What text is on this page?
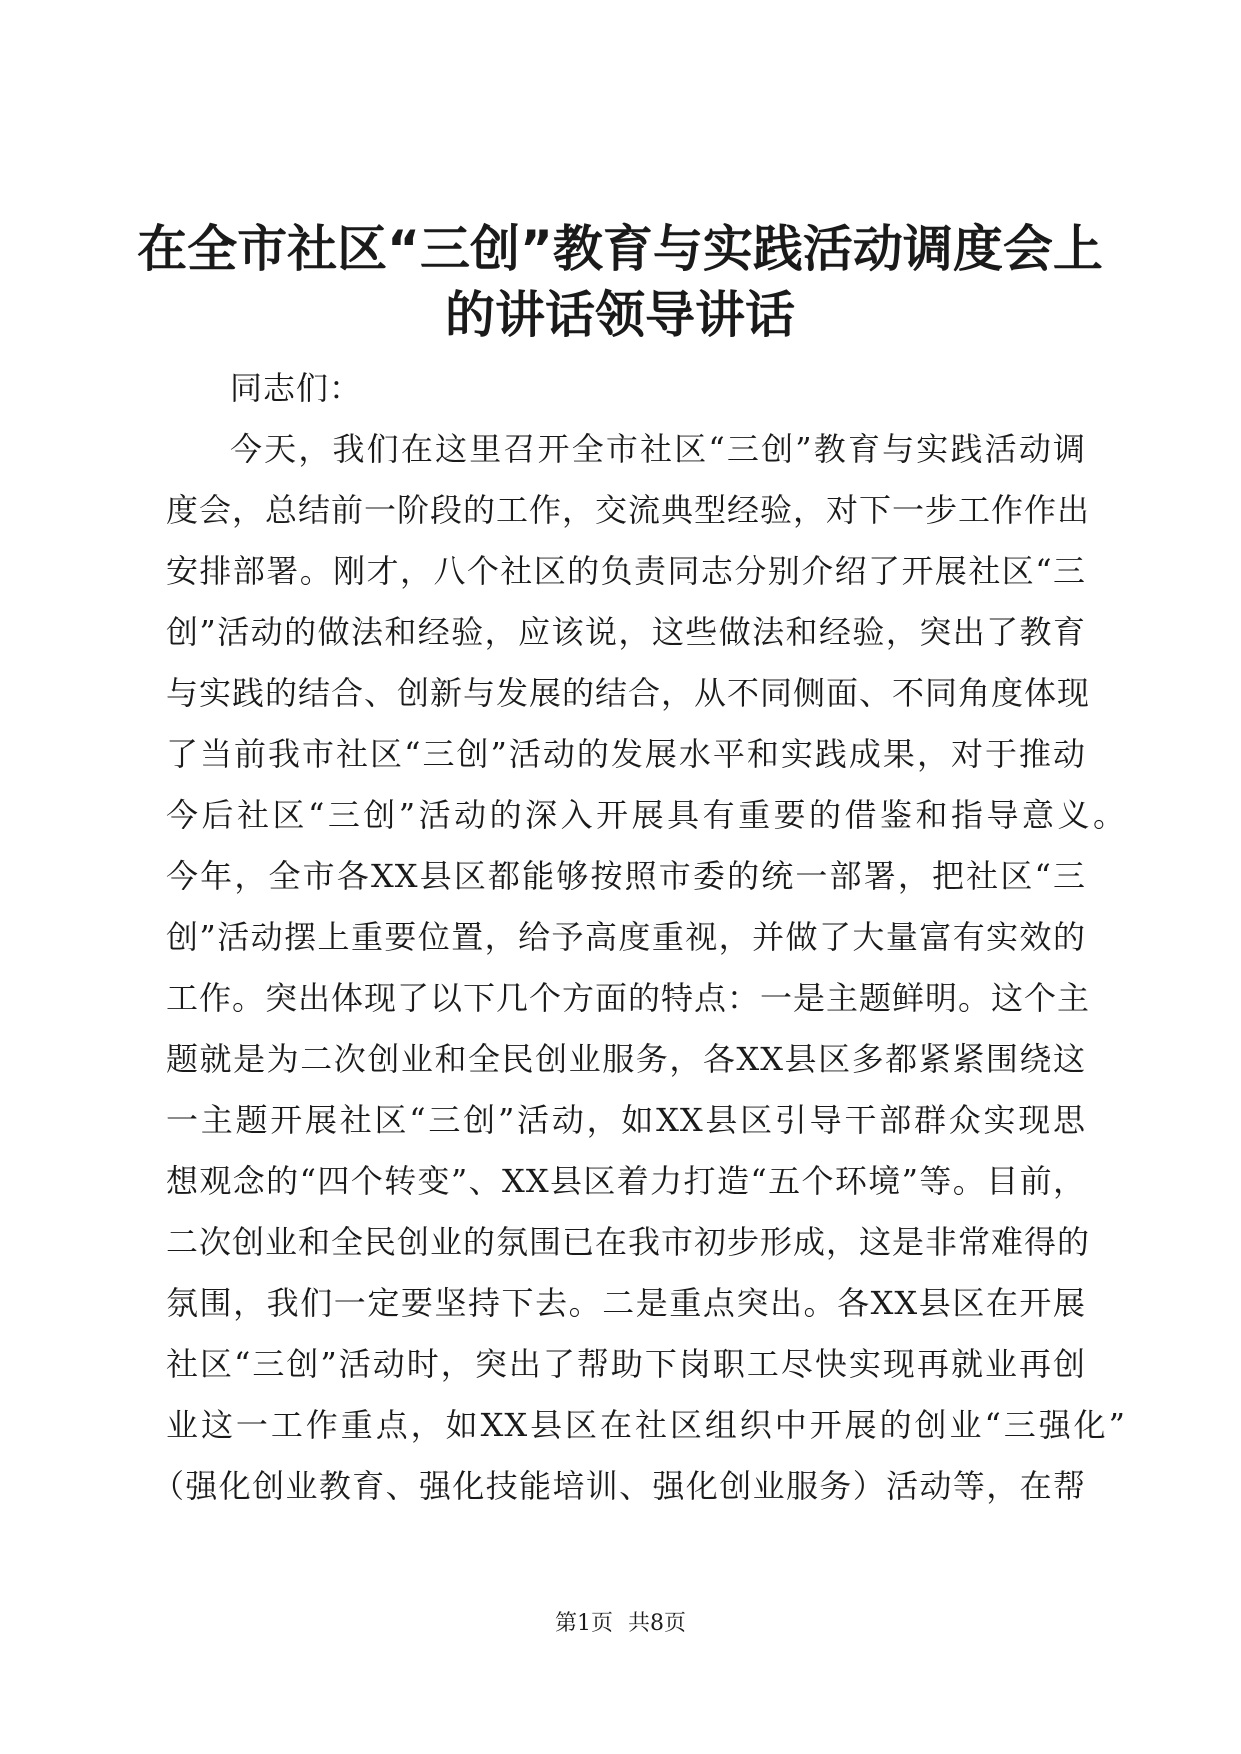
在全市社区“三创”教育与实践活动调度会上
的讲话领导讲话
同志们：
今天，我们在这里召开全市社区“三创”教育与实践活动调
度会，总结前一阶段的工作，交流典型经验，对下一步工作作出
安排部署。刚才，八个社区的负责同志分别介绍了开展社区“三
创”活动的做法和经验，应该说，这些做法和经验，突出了教育
与实践的结合、创新与发展的结合，从不同侧面、不同角度体现
了当前我市社区“三创”活动的发展水平和实践成果，对于推动
今后社区“三创”活动的深入开展具有重要的借鉴和指导意义。
今年，全市各XX县区都能够按照市委的统一部署，把社区“三
创”活动摆上重要位置，给予高度重视，并做了大量富有实效的
工作。突出体现了以下几个方面的特点：一是主题鲜明。这个主
题就是为二次创业和全民创业服务，各XX县区多都紧紧围绕这
一主题开展社区“三创”活动，如XX县区引导干部群众实现思
想观念的“四个转变”、XX县区着力打造“五个环境”等。目前，
二次创业和全民创业的氛围已在我市初步形成，这是非常难得的
氛围，我们一定要坚持下去。二是重点突出。各XX县区在开展
社区“三创”活动时，突出了帮助下岗职工尽快实现再就业再创
业这一工作重点，如XX县区在社区组织中开展的创业“三强化”
（强化创业教育、强化技能培训、强化创业服务）活动等，在帮
第1页 共8页
